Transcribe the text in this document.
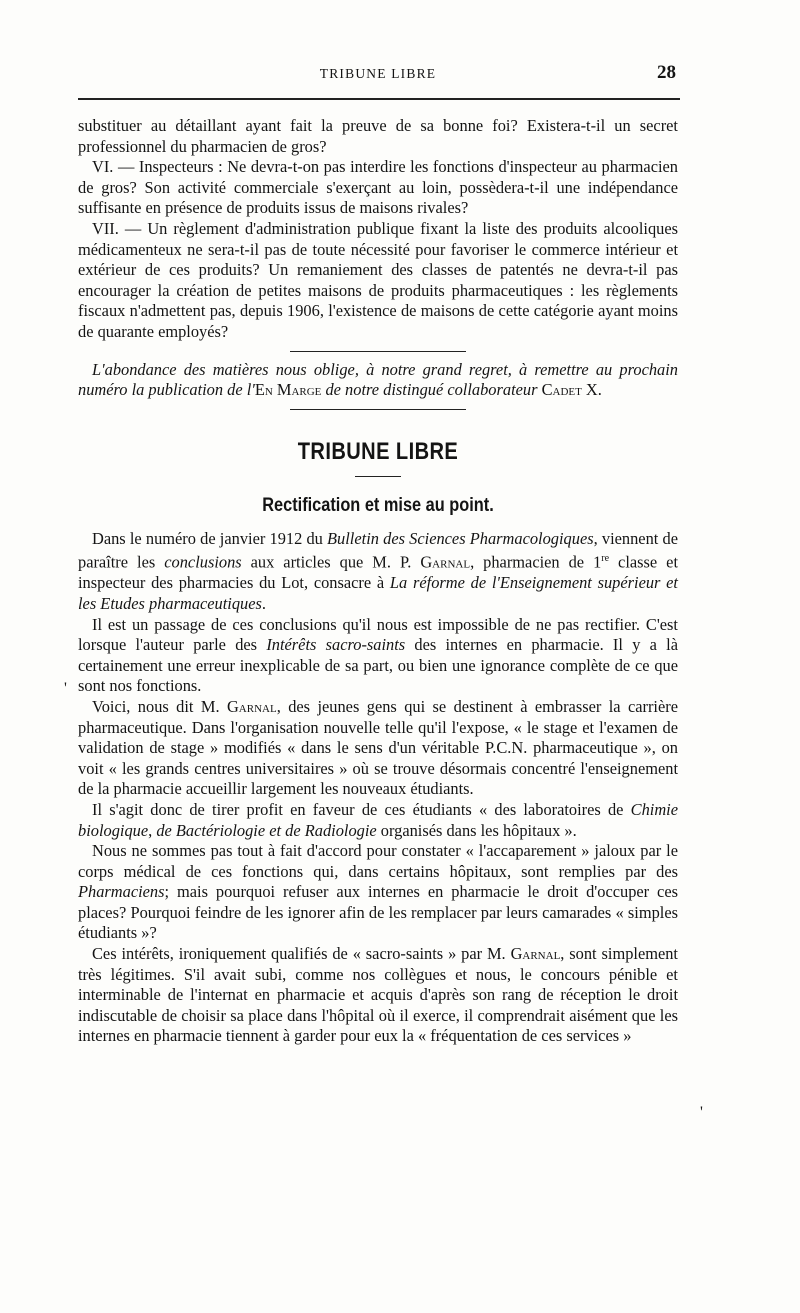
'
'
TRIBUNE LIBRE	28

substituer au détaillant ayant fait la preuve de sa bonne foi? Existera-t-il un secret professionnel du pharmacien de gros?

VI. — Inspecteurs : Ne devra-t-on pas interdire les fonctions d'inspecteur au pharmacien de gros? Son activité commerciale s'exerçant au loin, possèdera-t-il une indépendance suffisante en présence de produits issus de maisons rivales?

VII. — Un règlement d'administration publique fixant la liste des produits alcooliques médicamenteux ne sera-t-il pas de toute nécessité pour favoriser le commerce intérieur et extérieur de ces produits? Un remaniement des classes de patentés ne devra-t-il pas encourager la création de petites maisons de produits pharmaceutiques : les règlements fiscaux n'admettent pas, depuis 1906, l'existence de maisons de cette catégorie ayant moins de quarante employés?

L'abondance des matières nous oblige, à notre grand regret, à remettre au prochain numéro la publication de l'En Marge de notre distingué collaborateur Cadet X.

TRIBUNE LIBRE
Rectification et mise au point.

Dans le numéro de janvier 1912 du Bulletin des Sciences Pharmacologiques, viennent de paraître les conclusions aux articles que M. P. Garnal, pharmacien de 1re classe et inspecteur des pharmacies du Lot, consacre à La réforme de l'Enseignement supérieur et les Etudes pharmaceutiques.

Il est un passage de ces conclusions qu'il nous est impossible de ne pas rectifier. C'est lorsque l'auteur parle des Intérêts sacro-saints des internes en pharmacie. Il y a là certainement une erreur inexplicable de sa part, ou bien une ignorance complète de ce que sont nos fonctions.

Voici, nous dit M. Garnal, des jeunes gens qui se destinent à embrasser la carrière pharmaceutique. Dans l'organisation nouvelle telle qu'il l'expose, « le stage et l'examen de validation de stage » modifiés « dans le sens d'un véritable P.C.N. pharmaceutique », on voit « les grands centres universitaires » où se trouve désormais concentré l'enseignement de la pharmacie accueillir largement les nouveaux étudiants.

Il s'agit donc de tirer profit en faveur de ces étudiants « des laboratoires de Chimie biologique, de Bactériologie et de Radiologie organisés dans les hôpitaux ».

Nous ne sommes pas tout à fait d'accord pour constater « l'accaparement » jaloux par le corps médical de ces fonctions qui, dans certains hôpitaux, sont remplies par des Pharmaciens; mais pourquoi refuser aux internes en pharmacie le droit d'occuper ces places? Pourquoi feindre de les ignorer afin de les remplacer par leurs camarades « simples étudiants »?

Ces intérêts, ironiquement qualifiés de « sacro-saints » par M. Garnal, sont simplement très légitimes. S'il avait subi, comme nos collègues et nous, le concours pénible et interminable de l'internat en pharmacie et acquis d'après son rang de réception le droit indiscutable de choisir sa place dans l'hôpital où il exerce, il comprendrait aisément que les internes en pharmacie tiennent à garder pour eux la « fréquentation de ces services »
